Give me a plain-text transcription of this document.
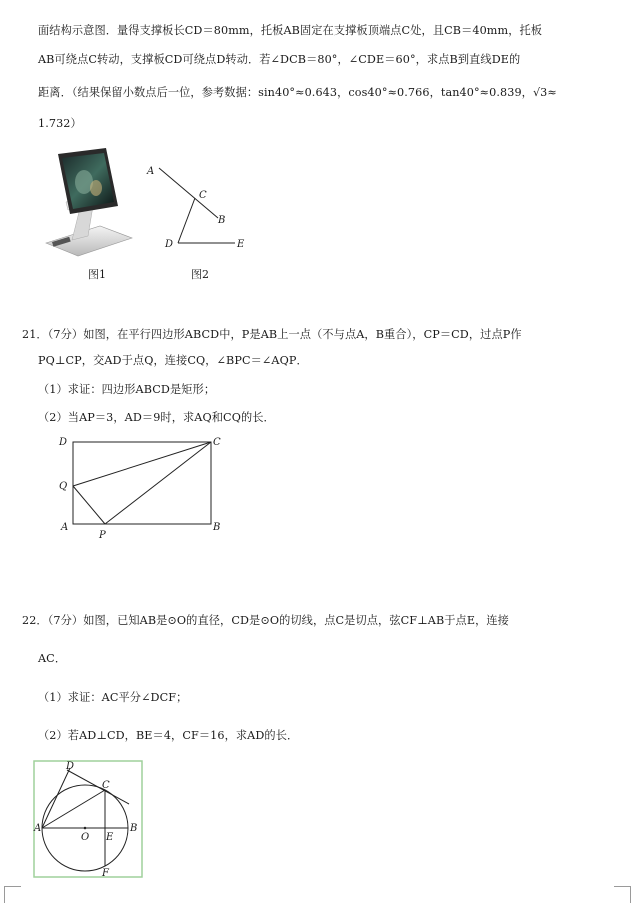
面结构示意图．量得支撑板长CD＝80mm，托板AB固定在支撑板顶端点C处，且CB＝40mm，托板
AB可绕点C转动，支撑板CD可绕点D转动．若∠DCB＝80°，∠CDE＝60°，求点B到直线DE的
距离．（结果保留小数点后一位，参考数据：sin40°≈0.643，cos40°≈0.766，tan40°≈0.839，√3≈
1.732）
图1
A
C
B
D	E
图2
21．（7分）如图，在平行四边形ABCD中，P是AB上一点（不与点A，B重合），CP＝CD，过点P作
PQ⊥CP，交AD于点Q，连接CQ，∠BPC＝∠AQP．
（1）求证：四边形ABCD是矩形；
（2）当AP＝3，AD＝9时，求AQ和CQ的长．
D	C
Q
A
P
B
22．（7分）如图，已知AB是⊙O的直径，CD是⊙O的切线，点C是切点，弦CF⊥AB于点E，连接
AC．
（1）求证：AC平分∠DCF；
（2）若AD⊥CD，BE＝4，CF＝16，求AD的长．
D
C
A
O E
B
F
